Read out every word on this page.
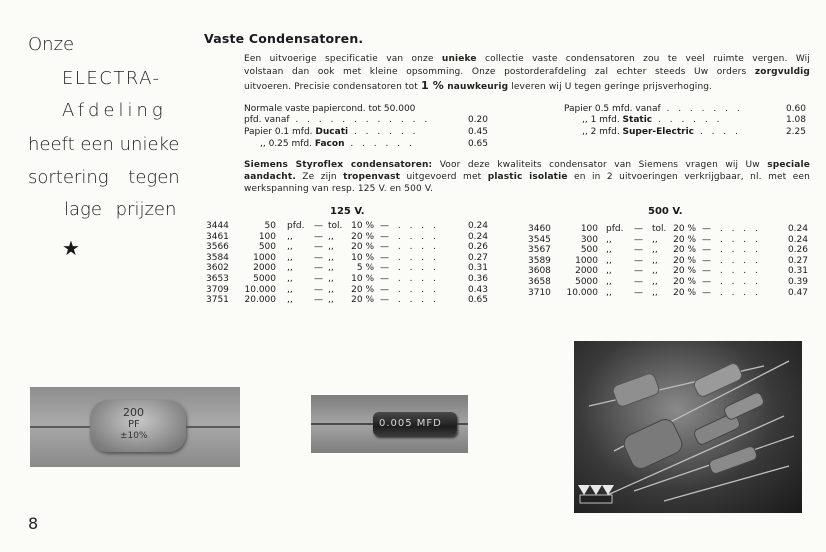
Onze
ELECTRA-
Afdeling
heeft een unieke
sortering tegen
lage prijzen
★
Vaste Condensatoren.
Een uitvoerige specificatie van onze unieke collectie vaste condensatoren zou te veel ruimte vergen. Wij
volstaan dan ook met kleine opsomming. Onze postorderafdeling zal echter steeds Uw orders zorgvuldig
uitvoeren. Precisie condensatoren tot 1 % nauwkeurig leveren wij U tegen geringe prijsverhoging.
Normale vaste papiercond. tot 50.000
pfd. vanaf . . . . . . . . . . . .	0.20
Papier 0.1 mfd. Ducati . . . . . .	0.45
,, 0.25 mfd. Facon . . . . . .	0.65
Papier 0.5 mfd. vanaf . . . . . . .	0.60
,, 1 mfd. Static . . . . . .	1.08
,, 2 mfd. Super-Electric . . . .	2.25
Siemens Styroflex condensatoren: Voor deze kwaliteits condensator van Siemens vragen wij Uw speciale
aandacht. Ze zijn tropenvast uitgevoerd met plastic isolatie en in 2 uitvoeringen verkrijgbaar, nl. met een
werkspanning van resp. 125 V. en 500 V.
125 V.	500 V.
3444	50 pfd. — tol. 10 % — . . . .	0.24
3461	100 ,, — ,,	20 % — . . . .	0.24
3566	500 ,, — ,,	20 % — . . . .	0.26
3584	1000 ,, — ,,	10 % — . . . .	0.27
3602	2000 ,, — ,,	5 % — . . . .	0.31
3653	5000 ,, — ,,	10 % — . . . .	0.36
3709	10.000 ,, — ,,	20 % — . . . .	0.43
3751	20.000 ,, — ,,	20 % — . . . .	0.65
3460	100 pfd. — tol. 20 % — . . . .	0.24
3545	300 ,, — ,,	20 % — . . . .	0.24
3567	500 ,, — ,,	20 % — . . . .	0.26
3589	1000 ,, — ,,	20 % — . . . .	0.27
3608	2000 ,, — ,,	20 % — . . . .	0.31
3658	5000 ,, — ,,	20 % — . . . .	0.39
3710	10.000 ,, — ,,	20 % — . . . .	0.47
200
PF
±10%
0.005 MFD
8
